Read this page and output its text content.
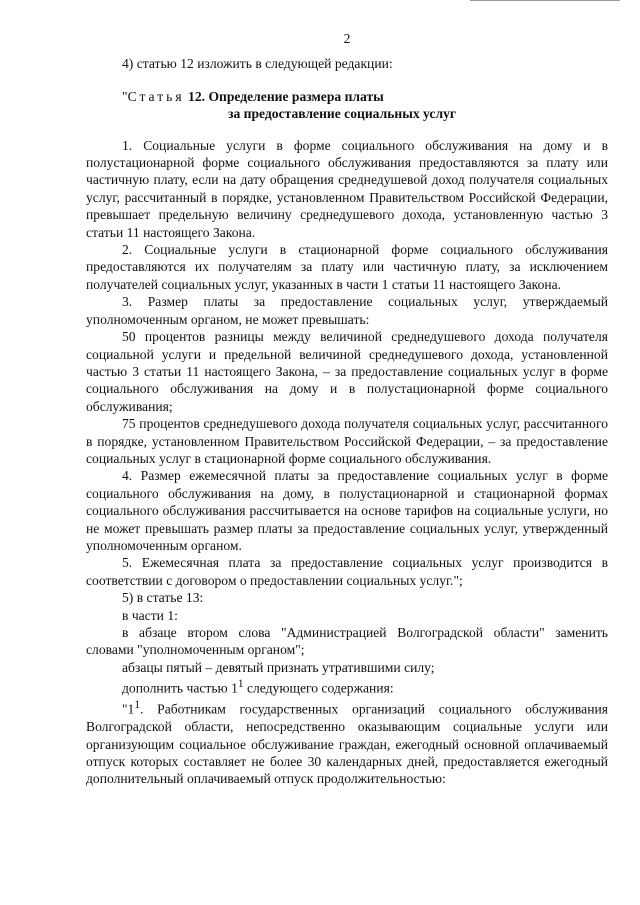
2

4) статью 12 изложить в следующей редакции:

"Статья 12. Определение размера платы

за предоставление социальных услуг

1. Социальные услуги в форме социального обслуживания на дому и в полустационарной форме социального обслуживания предоставляются за плату или частичную плату, если на дату обращения среднедушевой доход получателя социальных услуг, рассчитанный в порядке, установленном Правительством Российской Федерации, превышает предельную величину среднедушевого дохода, установленную частью 3 статьи 11 настоящего Закона.

2. Социальные услуги в стационарной форме социального обслуживания предоставляются их получателям за плату или частичную плату, за исключением получателей социальных услуг, указанных в части 1 статьи 11 настоящего Закона.

3. Размер платы за предоставление социальных услуг, утверждаемый уполномоченным органом, не может превышать:

50 процентов разницы между величиной среднедушевого дохода получателя социальной услуги и предельной величиной среднедушевого дохода, установленной частью 3 статьи 11 настоящего Закона, – за предоставление социальных услуг в форме социального обслуживания на дому и в полустационарной форме социального обслуживания;

75 процентов среднедушевого дохода получателя социальных услуг, рассчитанного в порядке, установленном Правительством Российской Федерации, – за предоставление социальных услуг в стационарной форме социального обслуживания.

4. Размер ежемесячной платы за предоставление социальных услуг в форме социального обслуживания на дому, в полустационарной и стационарной формах социального обслуживания рассчитывается на основе тарифов на социальные услуги, но не может превышать размер платы за предоставление социальных услуг, утвержденный уполномоченным органом.

5. Ежемесячная плата за предоставление социальных услуг производится в соответствии с договором о предоставлении социальных услуг.";

5) в статье 13:

в части 1:

в абзаце втором слова "Администрацией Волгоградской области" заменить словами "уполномоченным органом";

абзацы пятый – девятый признать утратившими силу;

дополнить частью $1^1$ следующего содержания:

"$1^1$. Работникам государственных организаций социального обслуживания Волгоградской области, непосредственно оказывающим социальные услуги или организующим социальное обслуживание граждан, ежегодный основной оплачиваемый отпуск которых составляет не более 30 календарных дней, предоставляется ежегодный дополнительный оплачиваемый отпуск продолжительностью:
